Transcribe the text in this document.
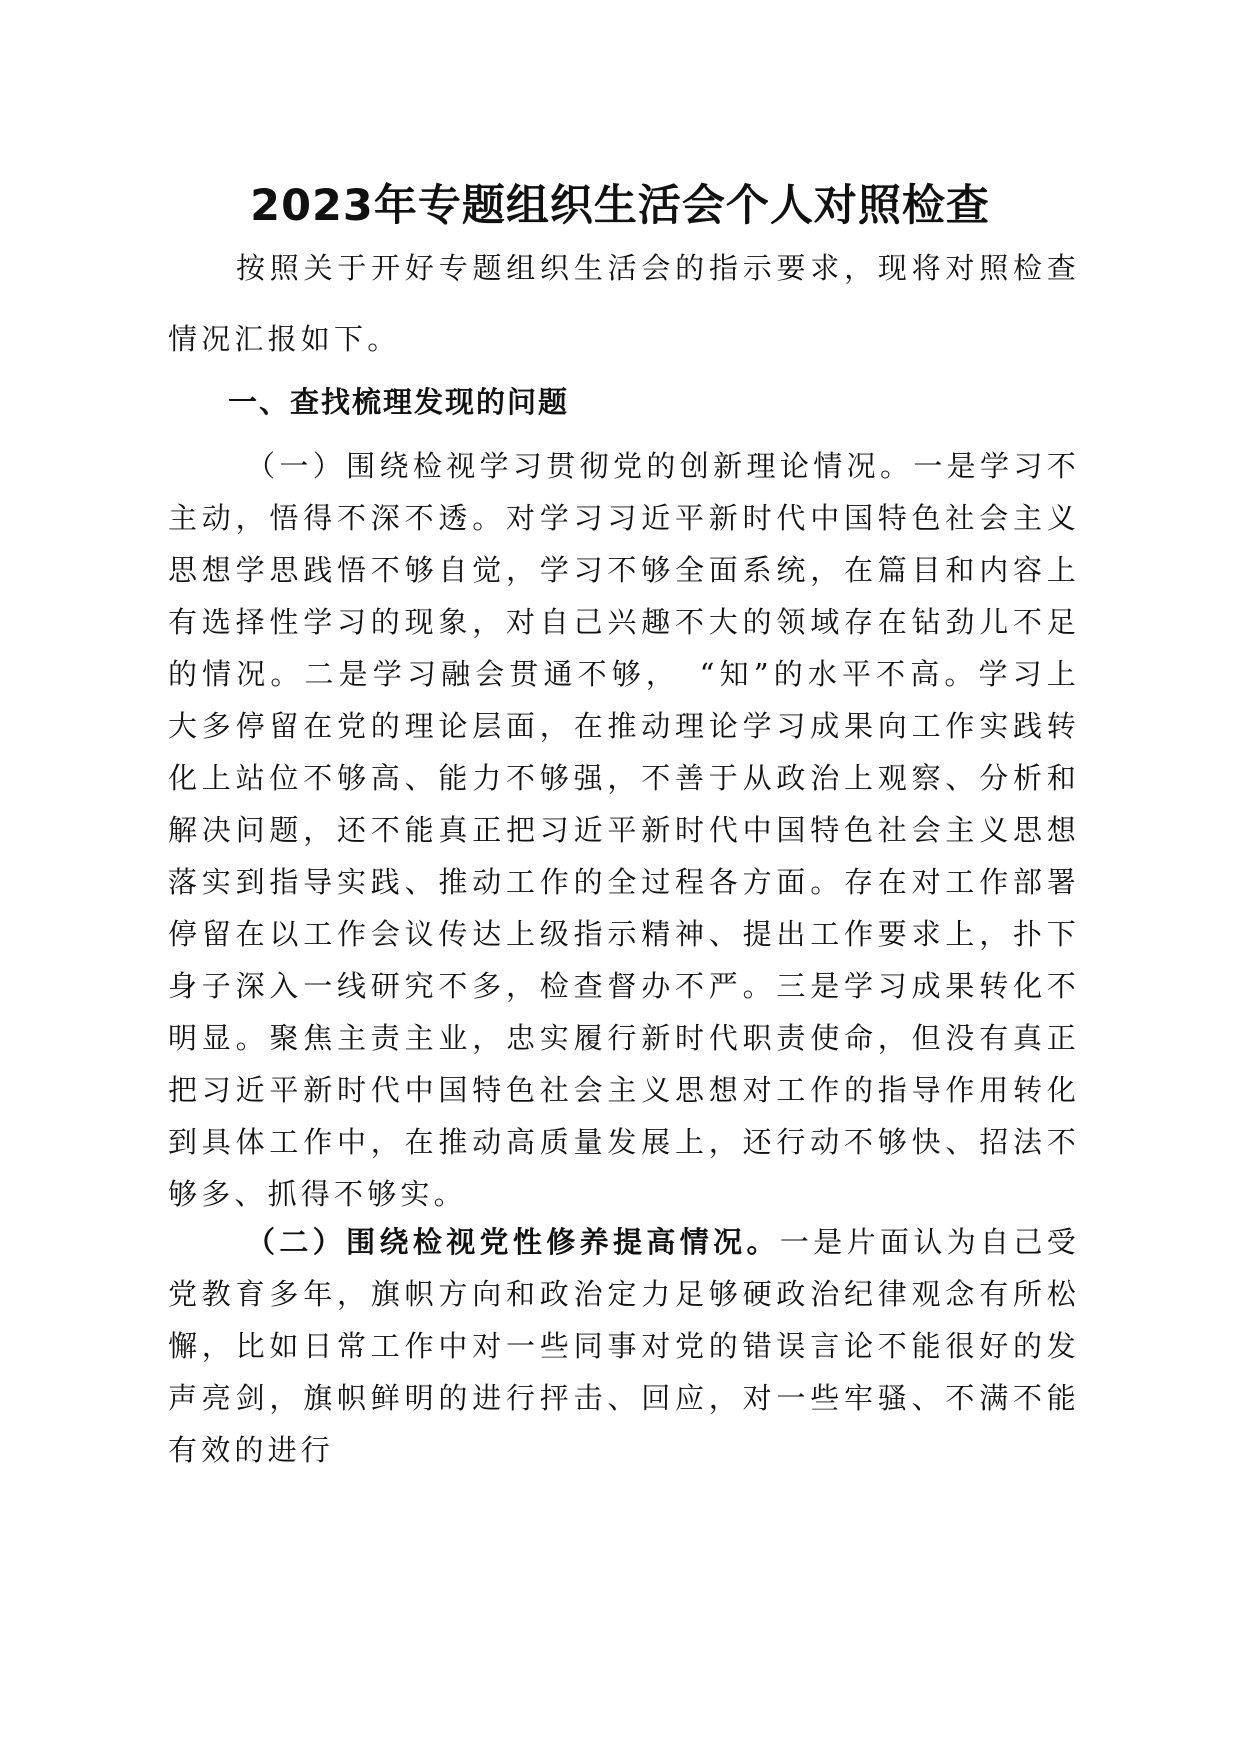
2023年专题组织生活会个人对照检查

按照关于开好专题组织生活会的指示要求，现将对照检查情况汇报如下。

一、查找梳理发现的问题

（一）围绕检视学习贯彻党的创新理论情况。一是学习不主动，悟得不深不透。对学习习近平新时代中国特色社会主义思想学思践悟不够自觉，学习不够全面系统，在篇目和内容上有选择性学习的现象，对自己兴趣不大的领域存在钻劲儿不足的情况。二是学习融会贯通不够，　“知”的水平不高。学习上大多停留在党的理论层面，在推动理论学习成果向工作实践转化上站位不够高、能力不够强，不善于从政治上观察、分析和解决问题，还不能真正把习近平新时代中国特色社会主义思想落实到指导实践、推动工作的全过程各方面。存在对工作部署停留在以工作会议传达上级指示精神、提出工作要求上，扑下身子深入一线研究不多，检查督办不严。三是学习成果转化不明显。聚焦主责主业，忠实履行新时代职责使命，但没有真正把习近平新时代中国特色社会主义思想对工作的指导作用转化到具体工作中，在推动高质量发展上，还行动不够快、招法不够多、抓得不够实。

（二）围绕检视党性修养提高情况。一是片面认为自己受党教育多年，旗帜方向和政治定力足够硬政治纪律观念有所松懈，比如日常工作中对一些同事对党的错误言论不能很好的发声亮剑，旗帜鲜明的进行抨击、回应，对一些牢骚、不满不能有效的进行
